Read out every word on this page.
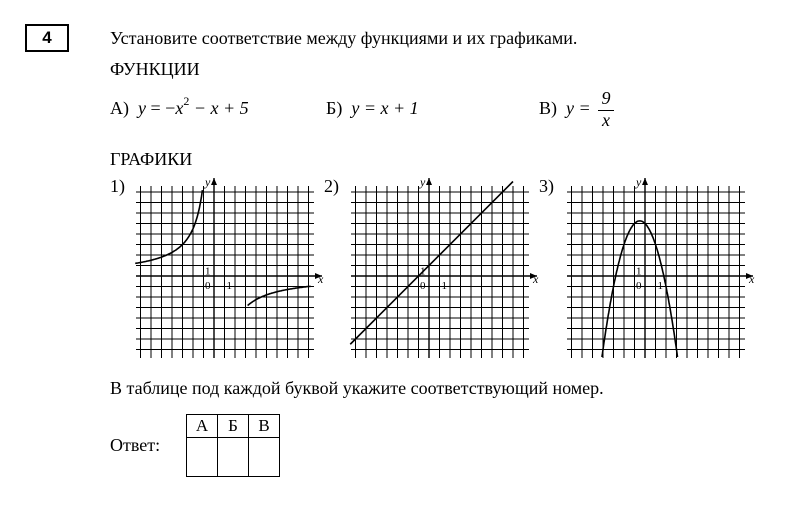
4	Установите соответствие между функциями и их графиками.
ФУНКЦИИ
А) $y = -x^2 - x + 5$	Б) y = x + 1	В) y = 9
x
ГРАФИКИ
1)	2)	3)
y
x
0 1
1
y
x
0 1
1
y
x
0 1
1
В таблице под каждой буквой укажите соответствующий номер.
Ответ:
А	Б	В
